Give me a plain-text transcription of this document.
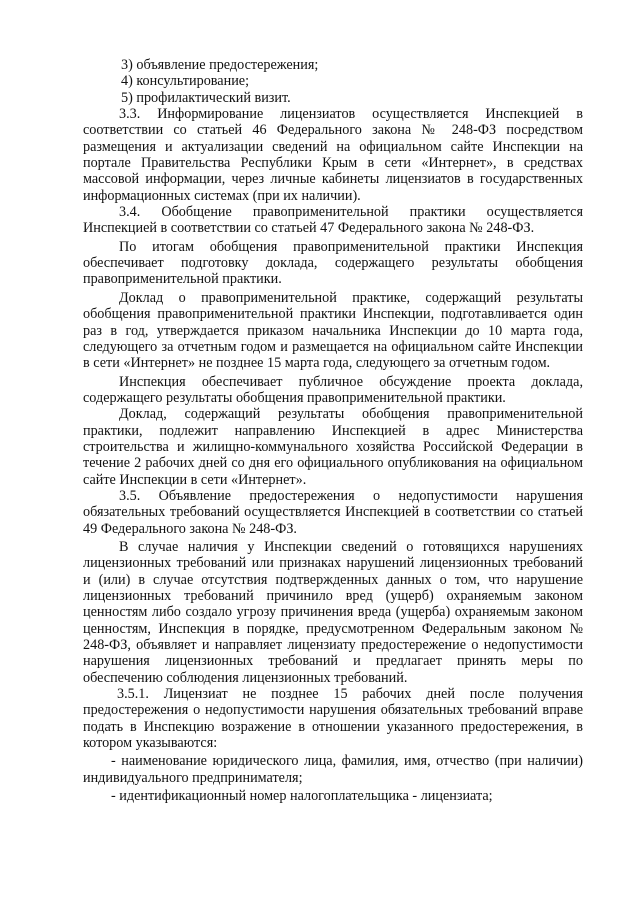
3) объявление предостережения;

4) консультирование;

5) профилактический визит.

3.3. Информирование лицензиатов осуществляется Инспекцией в соответствии со статьей 46 Федерального закона № 248-ФЗ посредством размещения и актуализации сведений на официальном сайте Инспекции на портале Правительства Республики Крым в сети «Интернет», в средствах массовой информации, через личные кабинеты лицензиатов в государственных информационных системах (при их наличии).

3.4. Обобщение правоприменительной практики осуществляется Инспекцией в соответствии со статьей 47 Федерального закона № 248-ФЗ.

По итогам обобщения правоприменительной практики Инспекция обеспечивает подготовку доклада, содержащего результаты обобщения правоприменительной практики.

Доклад о правоприменительной практике, содержащий результаты обобщения правоприменительной практики Инспекции, подготавливается один раз в год, утверждается приказом начальника Инспекции до 10 марта года, следующего за отчетным годом и размещается на официальном сайте Инспекции в сети «Интернет» не позднее 15 марта года, следующего за отчетным годом.

Инспекция обеспечивает публичное обсуждение проекта доклада, содержащего результаты обобщения правоприменительной практики.

Доклад, содержащий результаты обобщения правоприменительной практики, подлежит направлению Инспекцией в адрес Министерства строительства и жилищно-коммунального хозяйства Российской Федерации в течение 2 рабочих дней со дня его официального опубликования на официальном сайте Инспекции в сети «Интернет».

3.5. Объявление предостережения о недопустимости нарушения обязательных требований осуществляется Инспекцией в соответствии со статьей 49 Федерального закона № 248-ФЗ.

В случае наличия у Инспекции сведений о готовящихся нарушениях лицензионных требований или признаках нарушений лицензионных требований и (или) в случае отсутствия подтвержденных данных о том, что нарушение лицензионных требований причинило вред (ущерб) охраняемым законом ценностям либо создало угрозу причинения вреда (ущерба) охраняемым законом ценностям, Инспекция в порядке, предусмотренном Федеральным законом № 248-ФЗ, объявляет и направляет лицензиату предостережение о недопустимости нарушения лицензионных требований и предлагает принять меры по обеспечению соблюдения лицензионных требований.

3.5.1. Лицензиат не позднее 15 рабочих дней после получения предостережения о недопустимости нарушения обязательных требований вправе подать в Инспекцию возражение в отношении указанного предостережения, в котором указываются:

- наименование юридического лица, фамилия, имя, отчество (при наличии) индивидуального предпринимателя;

- идентификационный номер налогоплательщика - лицензиата;
